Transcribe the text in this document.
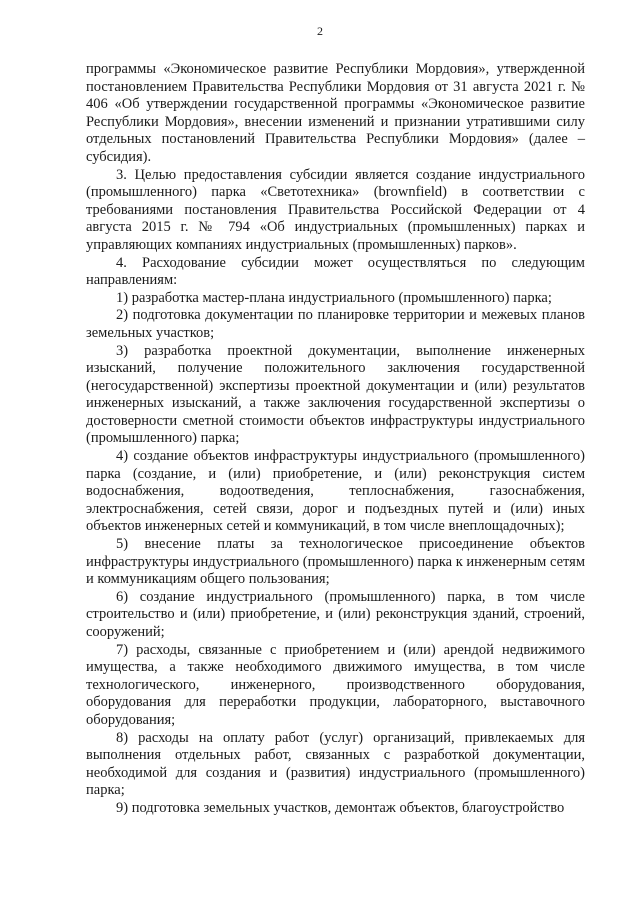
2

программы «Экономическое развитие Республики Мордовия», утвержденной постановлением Правительства Республики Мордовия от 31 августа 2021 г. № 406 «Об утверждении государственной программы «Экономическое развитие Республики Мордовия», внесении изменений и признании утратившими силу отдельных постановлений Правительства Республики Мордовия» (далее – субсидия).

3. Целью предоставления субсидии является создание индустриального (промышленного) парка «Светотехника» (brownfield) в соответствии с требованиями постановления Правительства Российской Федерации от 4 августа 2015 г. № 794 «Об индустриальных (промышленных) парках и управляющих компаниях индустриальных (промышленных) парков».

4. Расходование субсидии может осуществляться по следующим направлениям:

1) разработка мастер-плана индустриального (промышленного) парка;

2) подготовка документации по планировке территории и межевых планов земельных участков;

3) разработка проектной документации, выполнение инженерных изысканий, получение положительного заключения государственной (негосударственной) экспертизы проектной документации и (или) результатов инженерных изысканий, а также заключения государственной экспертизы о достоверности сметной стоимости объектов инфраструктуры индустриального (промышленного) парка;

4) создание объектов инфраструктуры индустриального (промышленного) парка (создание, и (или) приобретение, и (или) реконструкция систем водоснабжения, водоотведения, теплоснабжения, газоснабжения, электроснабжения, сетей связи, дорог и подъездных путей и (или) иных объектов инженерных сетей и коммуникаций, в том числе внеплощадочных);

5) внесение платы за технологическое присоединение объектов инфраструктуры индустриального (промышленного) парка к инженерным сетям и коммуникациям общего пользования;

6) создание индустриального (промышленного) парка, в том числе строительство и (или) приобретение, и (или) реконструкция зданий, строений, сооружений;

7) расходы, связанные с приобретением и (или) арендой недвижимого имущества, а также необходимого движимого имущества, в том числе технологического, инженерного, производственного оборудования, оборудования для переработки продукции, лабораторного, выставочного оборудования;

8) расходы на оплату работ (услуг) организаций, привлекаемых для выполнения отдельных работ, связанных с разработкой документации, необходимой для создания и (развития) индустриального (промышленного) парка;

9) подготовка земельных участков, демонтаж объектов, благоустройство
